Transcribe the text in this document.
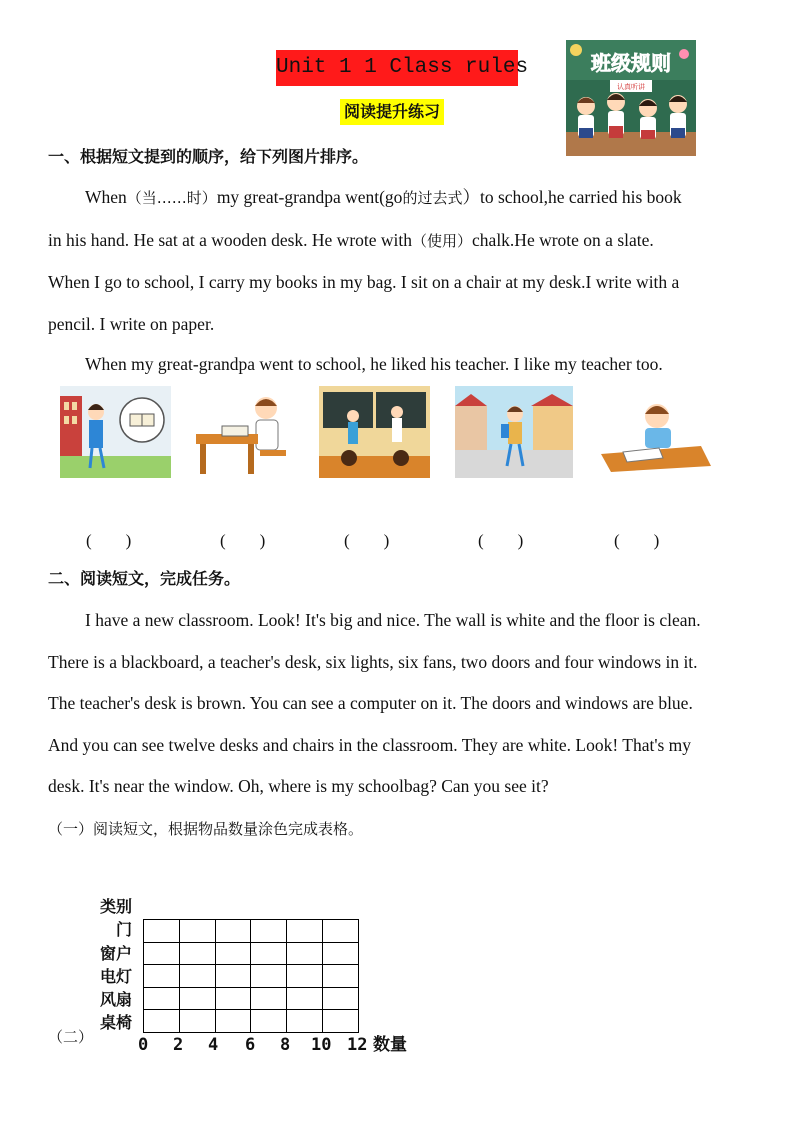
Unit 1 1 Class rules
阅读提升练习
班级规则
认真听讲
一、根据短文提到的顺序，给下列图片排序。
When（当……时）my great-grandpa went(go的过去式）to school,he carried his book in his hand. He sat at a wooden desk. He wrote with（使用）chalk.He wrote on a slate. When I go to school, I carry my books in my bag. I sit on a chair at my desk.I write with a pencil. I write on paper.
When my great-grandpa went to school, he liked his teacher. I like my teacher too.
(　　)	(　　)	(　　)	(　　)	(　　)
二、阅读短文，完成任务。
I have a new classroom. Look! It's big and nice. The wall is white and the floor is clean. There is a blackboard, a teacher's desk, six lights, six fans, two doors and four windows in it. The teacher's desk is brown. You can see a computer on it. The doors and windows are blue. And you can see twelve desks and chairs in the classroom. They are white. Look! That's my desk. It's near the window. Oh, where is my schoolbag? Can you see it?
（一）阅读短文，根据物品数量涂色完成表格。
类别
门
窗户
电灯
风扇
桌椅

0 2 4 6 8 10 12 数量
（二）
